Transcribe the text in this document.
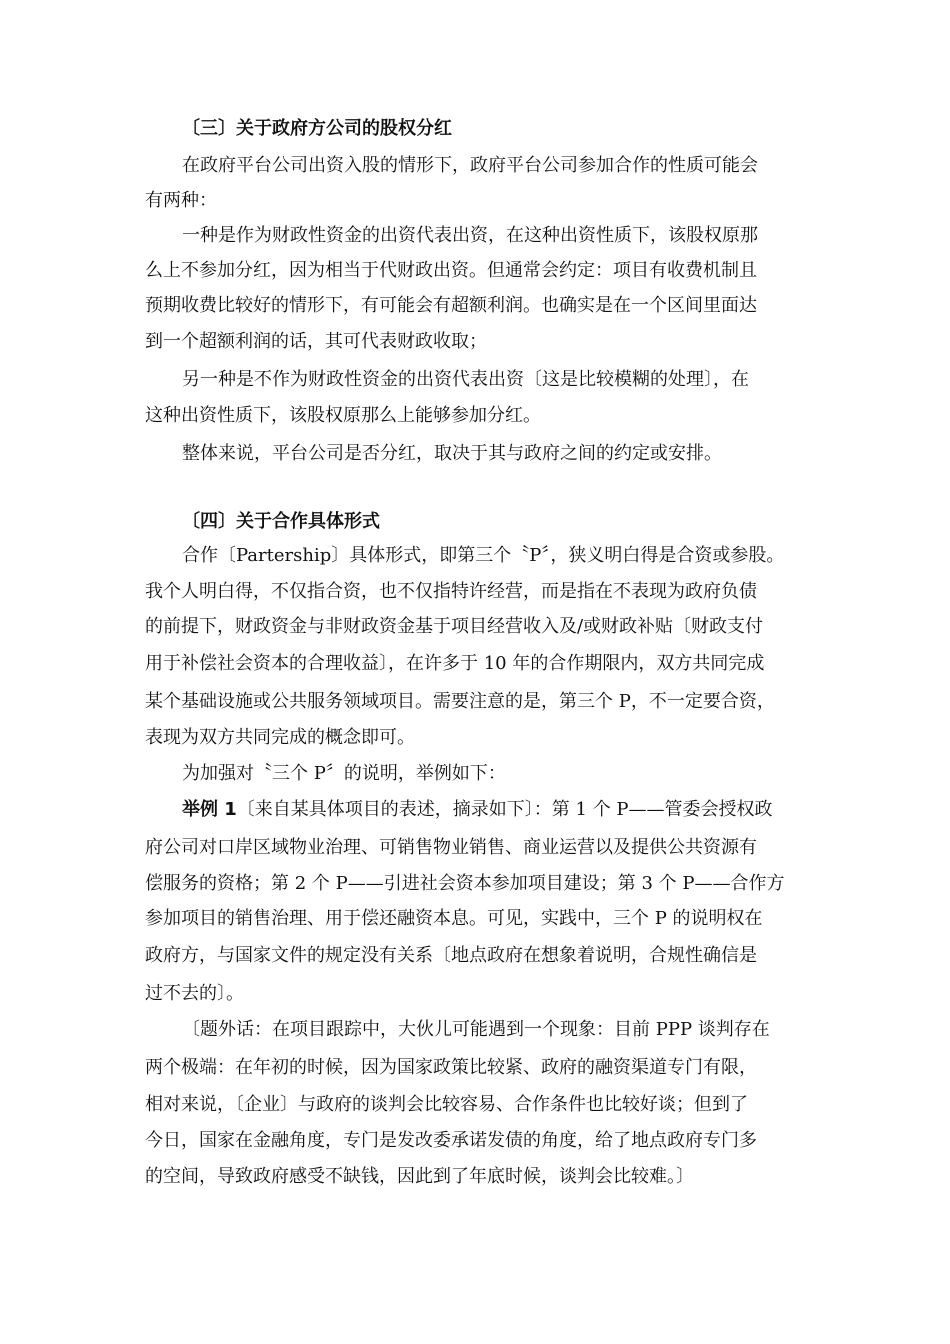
〔三〕关于政府方公司的股权分红
在政府平台公司出资入股的情形下，政府平台公司参加合作的性质可能会
有两种：
一种是作为财政性资金的出资代表出资，在这种出资性质下，该股权原那
么上不参加分红，因为相当于代财政出资。但通常会约定：项目有收费机制且
预期收费比较好的情形下，有可能会有超额利润。也确实是在一个区间里面达
到一个超额利润的话，其可代表财政收取；
另一种是不作为财政性资金的出资代表出资〔这是比较模糊的处理〕，在
这种出资性质下，该股权原那么上能够参加分红。
整体来说，平台公司是否分红，取决于其与政府之间的约定或安排。
〔四〕关于合作具体形式
合作〔Partership〕具体形式，即第三个〝P〞，狭义明白得是合资或参股。
我个人明白得，不仅指合资，也不仅指特许经营，而是指在不表现为政府负债
的前提下，财政资金与非财政资金基于项目经营收入及/或财政补贴〔财政支付
用于补偿社会资本的合理收益〕，在许多于 10 年的合作期限内，双方共同完成
某个基础设施或公共服务领域项目。需要注意的是，第三个 P，不一定要合资，
表现为双方共同完成的概念即可。
为加强对〝三个 P〞的说明，举例如下：
举例 1〔来自某具体项目的表述，摘录如下〕：第 1 个 P——管委会授权政
府公司对口岸区域物业治理、可销售物业销售、商业运营以及提供公共资源有
偿服务的资格；第 2 个 P——引进社会资本参加项目建设；第 3 个 P——合作方
参加项目的销售治理、用于偿还融资本息。可见，实践中，三个 P 的说明权在
政府方，与国家文件的规定没有关系〔地点政府在想象着说明，合规性确信是
过不去的〕。
〔题外话：在项目跟踪中，大伙儿可能遇到一个现象：目前 PPP 谈判存在
两个极端：在年初的时候，因为国家政策比较紧、政府的融资渠道专门有限，
相对来说，〔企业〕与政府的谈判会比较容易、合作条件也比较好谈；但到了
今日，国家在金融角度，专门是发改委承诺发债的角度，给了地点政府专门多
的空间，导致政府感受不缺钱，因此到了年底时候，谈判会比较难。〕
